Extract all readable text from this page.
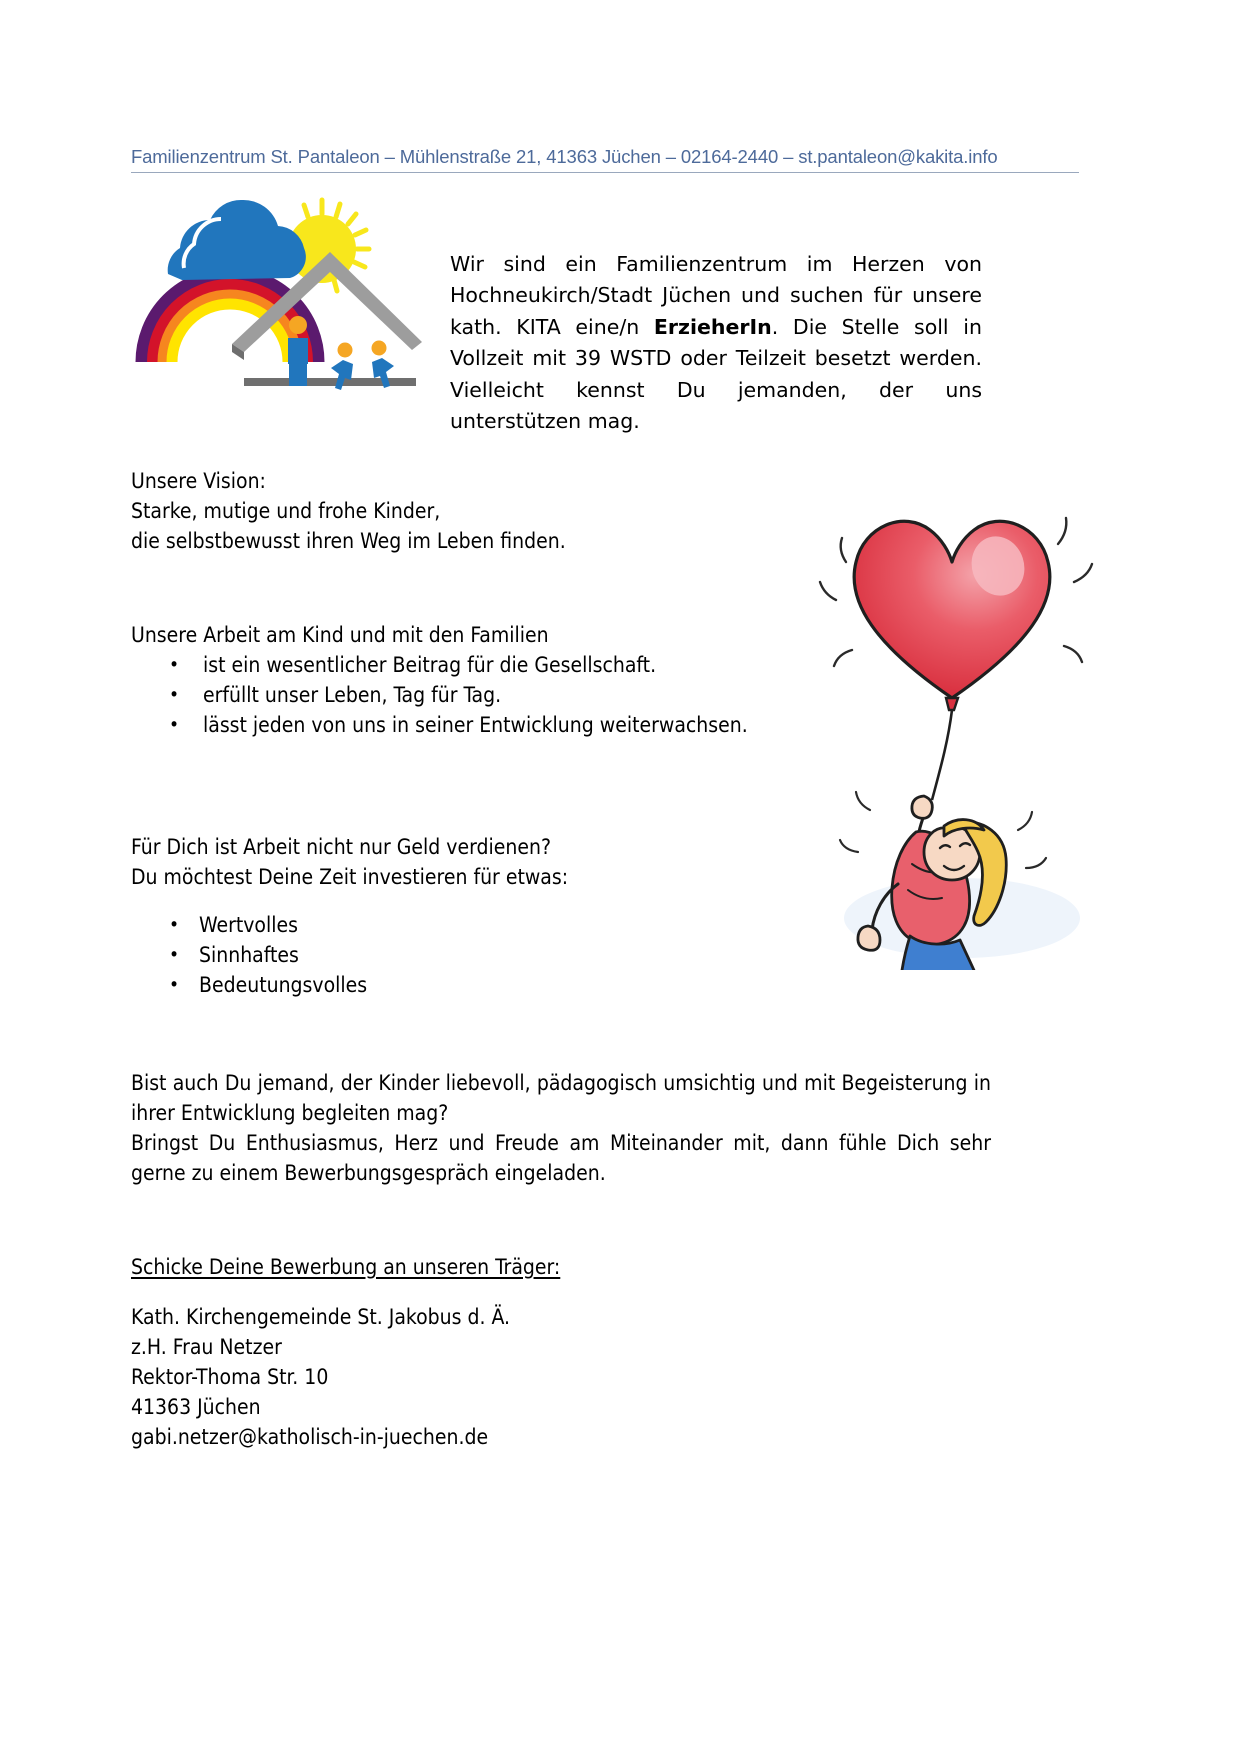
Familienzentrum St. Pantaleon – Mühlenstraße 21, 41363 Jüchen – 02164-2440 – st.pantaleon@kakita.info

Wir sind ein Familienzentrum im Herzen von Hochneukirch/Stadt Jüchen und suchen für unsere kath. KITA eine/n ErzieherIn. Die Stelle soll in Vollzeit mit 39 WSTD oder Teilzeit besetzt werden. Vielleicht kennst Du jemanden, der uns unterstützen mag.

Unsere Vision:
Starke, mutige und frohe Kinder,
die selbstbewusst ihren Weg im Leben finden.
Unsere Arbeit am Kind und mit den Familien
• ist ein wesentlicher Beitrag für die Gesellschaft.
• erfüllt unser Leben, Tag für Tag.
• lässt jeden von uns in seiner Entwicklung weiterwachsen.
Für Dich ist Arbeit nicht nur Geld verdienen?
Du möchtest Deine Zeit investieren für etwas:
• Wertvolles
• Sinnhaftes
• Bedeutungsvolles
Bist auch Du jemand, der Kinder liebevoll, pädagogisch umsichtig und mit Begeisterung in ihrer Entwicklung begleiten mag?
Bringst Du Enthusiasmus, Herz und Freude am Miteinander mit, dann fühle Dich sehr gerne zu einem Bewerbungsgespräch eingeladen.
Schicke Deine Bewerbung an unseren Träger:
Kath. Kirchengemeinde St. Jakobus d. Ä.
z.H. Frau Netzer
Rektor-Thoma Str. 10
41363 Jüchen
gabi.netzer@katholisch-in-juechen.de
